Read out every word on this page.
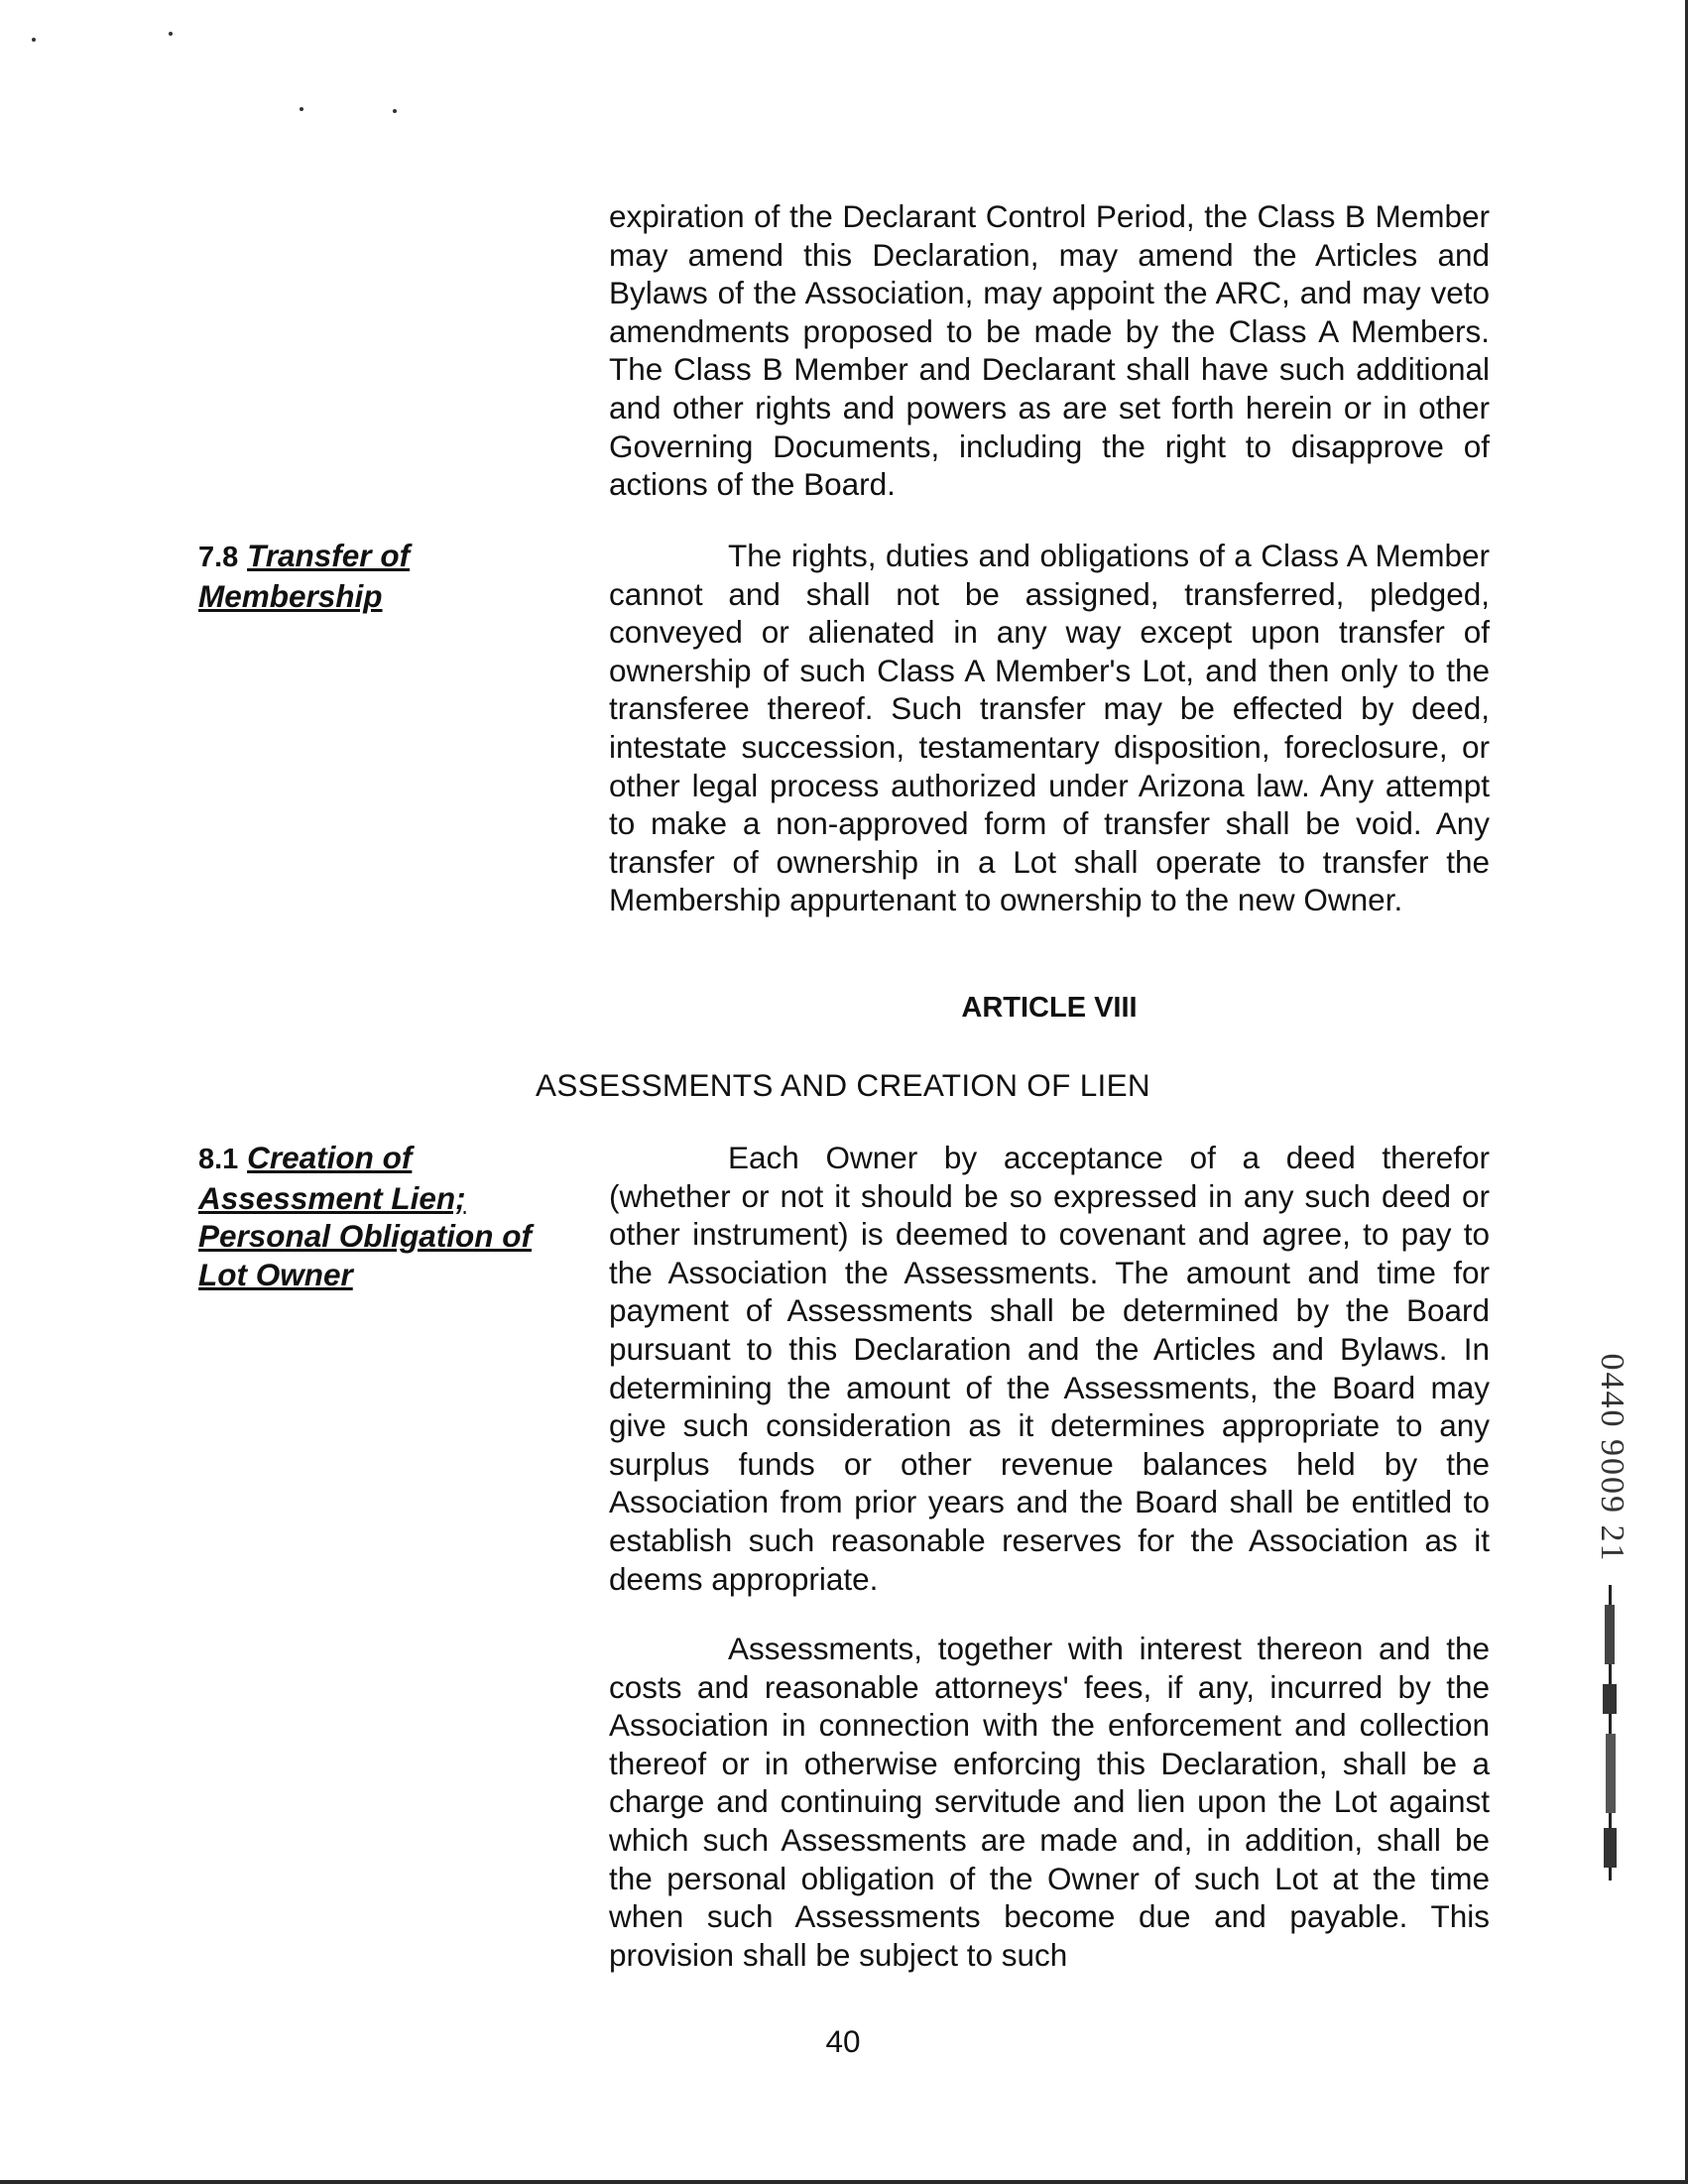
expiration of the Declarant Control Period, the Class B Member may amend this Declaration, may amend the Articles and Bylaws of the Association, may appoint the ARC, and may veto amendments proposed to be made by the Class A Members. The Class B Member and Declarant shall have such additional and other rights and powers as are set forth herein or in other Governing Documents, including the right to disapprove of actions of the Board.

7.8 Transfer of Membership

The rights, duties and obligations of a Class A Member cannot and shall not be assigned, transferred, pledged, conveyed or alienated in any way except upon transfer of ownership of such Class A Member's Lot, and then only to the transferee thereof. Such transfer may be effected by deed, intestate succession, testamentary disposition, foreclosure, or other legal process authorized under Arizona law. Any attempt to make a non-approved form of transfer shall be void. Any transfer of ownership in a Lot shall operate to transfer the Membership appurtenant to ownership to the new Owner.

ARTICLE VIII

ASSESSMENTS AND CREATION OF LIEN

8.1 Creation of Assessment Lien; Personal Obligation of Lot Owner

Each Owner by acceptance of a deed therefor (whether or not it should be so expressed in any such deed or other instrument) is deemed to covenant and agree, to pay to the Association the Assessments. The amount and time for payment of Assessments shall be determined by the Board pursuant to this Declaration and the Articles and Bylaws. In determining the amount of the Assessments, the Board may give such consideration as it determines appropriate to any surplus funds or other revenue balances held by the Association from prior years and the Board shall be entitled to establish such reasonable reserves for the Association as it deems appropriate.

Assessments, together with interest thereon and the costs and reasonable attorneys' fees, if any, incurred by the Association in connection with the enforcement and collection thereof or in otherwise enforcing this Declaration, shall be a charge and continuing servitude and lien upon the Lot against which such Assessments are made and, in addition, shall be the personal obligation of the Owner of such Lot at the time when such Assessments become due and payable. This provision shall be subject to such

0440 9009 21

40
